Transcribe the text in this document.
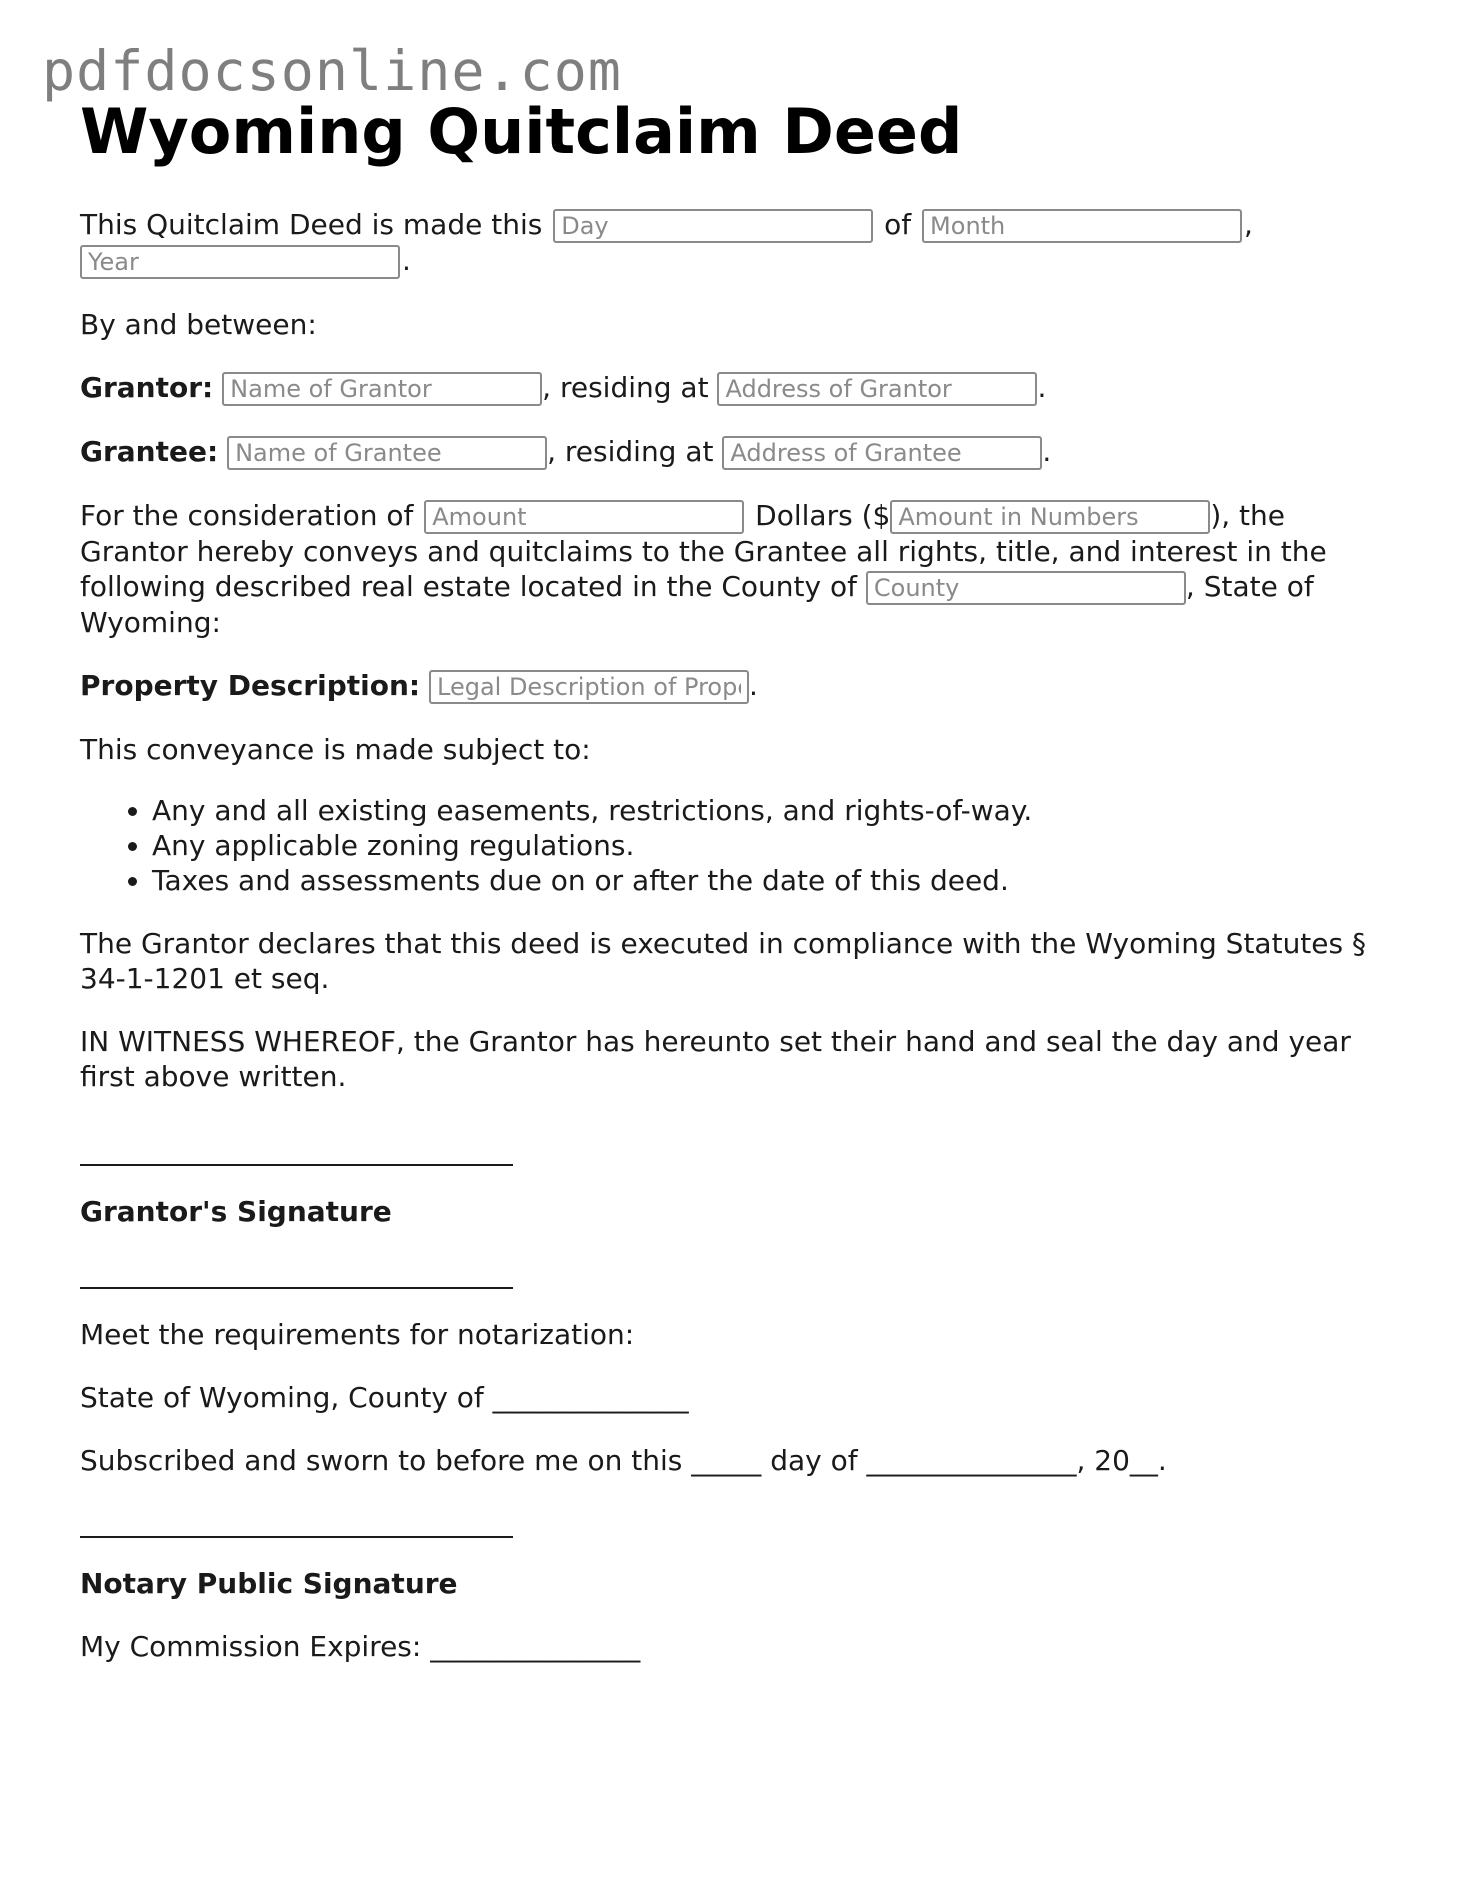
pdfdocsonline.com
Wyoming Quitclaim Deed

This Quitclaim Deed is made this Day	of Month	, Year .

By and between:

Grantor: Name of Grantor	, residing at Address of Grantor	.

Grantee: Name of Grantee	, residing at Address of Grantee	.

For the consideration of Amount	Dollars ($Amount in Numbers	), the Grantor hereby conveys and quitclaims to the Grantee all rights, title, and interest in the following described real estate located in the County of County	, State of Wyoming:

Property Description: Legal Description of Property	.

This conveyance is made subject to:

• Any and all existing easements, restrictions, and rights-of-way.
• Any applicable zoning regulations.
• Taxes and assessments due on or after the date of this deed.

The Grantor declares that this deed is executed in compliance with the Wyoming Statutes § 34-1-1201 et seq.

IN WITNESS WHEREOF, the Grantor has hereunto set their hand and seal the day and year first above written.

Grantor's Signature

Meet the requirements for notarization:

State of Wyoming, County of ______________

Subscribed and sworn to before me on this _____ day of _______________, 20__.

Notary Public Signature

My Commission Expires: _______________
